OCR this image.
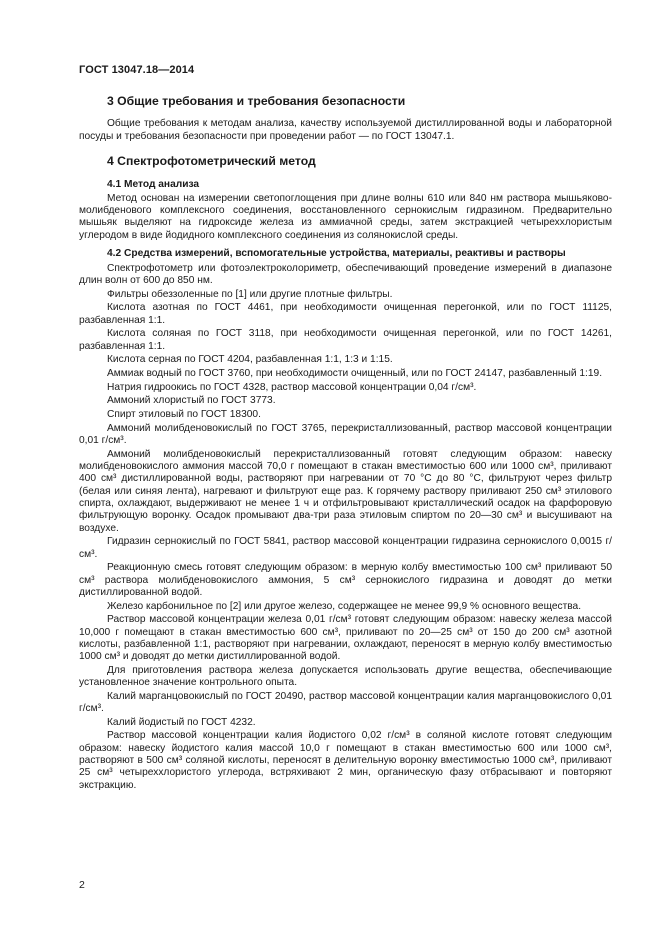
ГОСТ 13047.18—2014
3 Общие требования и требования безопасности
Общие требования к методам анализа, качеству используемой дистиллированной воды и лабораторной посуды и требования безопасности при проведении работ — по ГОСТ 13047.1.
4 Спектрофотометрический метод
4.1 Метод анализа
Метод основан на измерении светопоглощения при длине волны 610 или 840 нм раствора мышьяково-молибденового комплексного соединения, восстановленного сернокислым гидразином. Предварительно мышьяк выделяют на гидроксиде железа из аммиачной среды, затем экстракцией четыреххлористым углеродом в виде йодидного комплексного соединения из солянокислой среды.
4.2 Средства измерений, вспомогательные устройства, материалы, реактивы и растворы
Спектрофотометр или фотоэлектроколориметр, обеспечивающий проведение измерений в диапазоне длин волн от 600 до 850 нм.
Фильтры обеззоленные по [1] или другие плотные фильтры.
Кислота азотная по ГОСТ 4461, при необходимости очищенная перегонкой, или по ГОСТ 11125, разбавленная 1:1.
Кислота соляная по ГОСТ 3118, при необходимости очищенная перегонкой, или по ГОСТ 14261, разбавленная 1:1.
Кислота серная по ГОСТ 4204, разбавленная 1:1, 1:3 и 1:15.
Аммиак водный по ГОСТ 3760, при необходимости очищенный, или по ГОСТ 24147, разбавленный 1:19.
Натрия гидроокись по ГОСТ 4328, раствор массовой концентрации 0,04 г/см³.
Аммоний хлористый по ГОСТ 3773.
Спирт этиловый по ГОСТ 18300.
Аммоний молибденовокислый по ГОСТ 3765, перекристаллизованный, раствор массовой концентрации 0,01 г/см³.
Аммоний молибденовокислый перекристаллизованный готовят следующим образом: навеску молибденовокислого аммония массой 70,0 г помещают в стакан вместимостью 600 или 1000 см³, приливают 400 см³ дистиллированной воды, растворяют при нагревании от 70 °С до 80 °С, фильтруют через фильтр (белая или синяя лента), нагревают и фильтруют еще раз. К горячему раствору приливают 250 см³ этилового спирта, охлаждают, выдерживают не менее 1 ч и отфильтровывают кристаллический осадок на фарфоровую фильтрующую воронку. Осадок промывают два-три раза этиловым спиртом по 20—30 см³ и высушивают на воздухе.
Гидразин сернокислый по ГОСТ 5841, раствор массовой концентрации гидразина сернокислого 0,0015 г/см³.
Реакционную смесь готовят следующим образом: в мерную колбу вместимостью 100 см³ приливают 50 см³ раствора молибденовокислого аммония, 5 см³ сернокислого гидразина и доводят до метки дистиллированной водой.
Железо карбонильное по [2] или другое железо, содержащее не менее 99,9 % основного вещества.
Раствор массовой концентрации железа 0,01 г/см³ готовят следующим образом: навеску железа массой 10,000 г помещают в стакан вместимостью 600 см³, приливают по 20—25 см³ от 150 до 200 см³ азотной кислоты, разбавленной 1:1, растворяют при нагревании, охлаждают, переносят в мерную колбу вместимостью 1000 см³ и доводят до метки дистиллированной водой.
Для приготовления раствора железа допускается использовать другие вещества, обеспечивающие установленное значение контрольного опыта.
Калий марганцовокислый по ГОСТ 20490, раствор массовой концентрации калия марганцовокислого 0,01 г/см³.
Калий йодистый по ГОСТ 4232.
Раствор массовой концентрации калия йодистого 0,02 г/см³ в соляной кислоте готовят следующим образом: навеску йодистого калия массой 10,0 г помещают в стакан вместимостью 600 или 1000 см³, растворяют в 500 см³ соляной кислоты, переносят в делительную воронку вместимостью 1000 см³, приливают 25 см³ четыреххлористого углерода, встряхивают 2 мин, органическую фазу отбрасывают и повторяют экстракцию.
2
